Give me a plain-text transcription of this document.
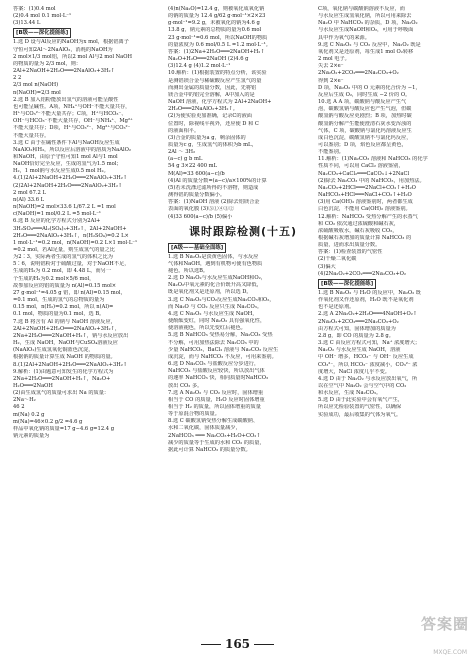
答案：(1)0.4 mol
(2)0.4 mol 0.1 mol·L⁻¹
(3)13.44 L
[B级——深化提能练]
1.选 D 设与Al反应的NaOH为x mol，根据铝离子
守恒可知2Al～2NaAlO₂，消耗的NaOH为
2 mol×1/3 mol铝，所以2 mol Al与2 mol NaOH
的物质的量为 2/3 mol，则：
2Al+2NaOH+2H₂O═══2NaAlO₂+3H₂↑
2 2
2/3 mol n(NaOH)
n(NaOH)=2/3 mol
2.选 B 加入铝粉能放出氢气的溶液可能呈酸性
也可能呈碱性。A项，NH₄⁺与OH⁻不能大量共存，
H⁺与CO₃²⁻不能大量共存；C项，H⁺与HCO₃⁻、
OH⁻与HCO₃⁻不能大量共存，OH⁻与NH₄⁺、Mg²⁺
不能大量共存；D项，H⁺与CO₃²⁻、Mg²⁺与CO₃²⁻
不能大量共存。
3.选 C 由于在碱性条件下Al与NaOH反应生成
NaAlO₂和H₂，所以反应后溶液中的溶质为NaAlO₂
和NaOH，由原子守恒可知1 mol Al与1 mol
NaOH恰好完全反应，生成的氢气为1.5 mol；
H₂，1 mol钠与水反应生成0.5 mol H₂。
4.(1)2Al+2NaOH+2H₂O═══2NaAlO₂+3H₂↑
(2)2Al+2NaOH+2H₂O═══2NaAlO₂+3H₂↑
2 mol 67.2 L
n(Al) 33.6 L
n(NaOH)=2 mol×33.6 L/67.2 L =1 mol
c(NaOH)=1 mol/0.2 L =5 mol·L⁻¹
6.选 B 反应的化学方程式分别为2Al+
3H₂SO₄═══Al₂(SO₄)₃+3H₂↑，2Al+2NaOH+
2H₂O═══2NaAlO₂+3H₂↑，n(H₂SO₄)=0.2 L×
1 mol·L⁻¹=0.2 mol，n(NaOH)=0.2 L×1 mol·L⁻¹
=0.2 mol，若Al足量，则生成氢气的量之比
为2∶3，实际两者生成的氢气的体积之比为
5∶6，说明铝粉对于硫酸过量，对于NaOH不足，
生成的H₂为 0.2 mol，即 4.48 L，而另一
个生成的H₂为0.2 mol×5/6 mol，
故参加反应的铝的质量为 n(Al)=0.15 mol×
27 g·mol⁻¹=4.05 g 铝，即 n(Al)=0.15 mol，
=0.1 mol，生成的氢气的总物质的量为
0.15 mol，n(H₂)=0.2 mol，所以 n(Al)=
0.1 mol，物质的量为0.1 mol，选 B。
7.选 B 将含有 Al 的钠与 NaOH 溶液反应，
2Al+2NaOH+2H₂O═══2NaAlO₂+3H₂↑，
2Na+2H₂O═══2NaOH+H₂↑，钠与水反应放出
H₂，生成 NaOH，NaOH与CuSO₄溶液反应
(NaAlO₂)生成氢氧化铜蓝色沉淀，
根据钠的质量计算生成 NaOH 的物质的量。
8.(1)2Al+2NaOH+2H₂O═══2NaAlO₂+3H₂↑
9.解析：(1)由题意可知发生的化学方程式为
2Na+2H₂O═══2NaOH+H₂↑，Na₂O+
H₂O═══2NaOH
(2)由生成氢气的质量可求出 Na 的质量：
2Na～H₂
46 2
m(Na) 0.2 g
m(Na)=46×0.2 g/2 =4.6 g
样品中氧化钠的质量=17 g−4.6 g=12.4 g
钠元素的质量为
(4)n(Na₂O)=12.4 g，则被氧化成氧化钠
的钠的质量为 12.4 g/62 g·mol⁻¹×2×23
g·mol⁻¹=9.2 g，未被氧化的钠为4.6 g
13.8 g，钠元素的总物质的量为0.6 mol
23 g·mol⁻¹=0.6 mol，所以NaOH的物质
的量浓度为 0.6 mol/0.5 L =1.2 mol·L⁻¹。
答案：(1)2Na+2H₂O═══2NaOH+H₂↑
Na₂O+H₂O═══2NaOH (2)4.6 g
(3)12.4 g (4)1.2 mol·L⁻¹
10.解析：(1)根据装置的特点分析，该实验
是测铝镁合金与稀硫酸反应产生氢气的量
而测出金属的质量分数，因此，先将铝
镁合金中的铝完全溶解，A中加入的是
NaOH 溶液，化学方程式为 2Al+2NaOH+
2H₂O═══2NaAlO₂+3H₂↑。
(2)为使实验更加准确，记录C的液面
位置时，除视线平视外，还应使 D 和 C
的液面相平。
(3)合金的质量为a g，剩余固体的
质量为c g，生成氢气的体积为b mL，
2Al ～ 3H₂
(a−c) g b mL
54 g 3×22 400 mL
M(Al)=33 600(a−c)/b
(4)Al 的质量分数=(a−c)/a×100%的计算
(5)若未洗涤过滤所得的不溶物，则造成
测得铝的质量分数偏小。
答案：(1)NaOH 溶液 (2)除去铝镁合金
表面的氧化膜 (3)⑤①④③②
(4)33 600(a−c)/b (5)偏小
课时跟踪检测(十五)
[A级——基础全面练]
1.选 B Na₂O₂是淡黄色固体，与水反应
气体和NaOH，遇到有机物可使有色物质
褪色。所以选B。
2.选 D Na₂O₂与水反应生成NaOH和O₂，
Na₂O₂中氧元素的化合价既升高又降低，
既是氧化剂又是还原剂，所以选 D。
3.选 C Na₂O₂与CO₂反应生成Na₂CO₃和O₂，
而 Na₂O 与 CO₂ 反应只生成 Na₂CO₃。
4.选 C Na₂O₂ 与水反应生成 NaOH，
使酚酞变红，同时 Na₂O₂ 具有强氧化性，
使溶液褪色，所以先变红后褪色。
5.选 B NaHCO₃ 受热易分解，Na₂CO₃ 受热
不分解，可用加热法除去 Na₂CO₃ 中的
少量 NaHCO₃，BaCl₂ 溶液与 Na₂CO₃ 反应生
成沉淀，而与 NaHCO₃ 不反应，可用来鉴别。
6.选 D Na₂CO₃ 与盐酸反应分步进行，
NaHCO₃ 与盐酸反应较快，所以放出气体
的速率 NaHCO₃ 快，相同质量时NaHCO₃
放出 CO₂ 多。
7.选 A Na₂O₂ 与 CO₂ 反应时，固体增重
相当于 CO 的质量，H₂O 反应时固体增重
相当于 H₂ 的质量，所以固体增重的质量
等于原混合物的质量。
8.选 C 碳酸氢钠受热分解生成碳酸钠、
水和二氧化碳，固体质量减少，
2NaHCO₃ ═══ Na₂CO₃+H₂O+CO₂↑
减少的质量等于生成的水和 CO₂ 的质量，
据此可计算 NaHCO₃ 的质量分数。
C项，氧化钠与碳酸钠溶液不反应，而
与水反应生成氢氧化钠，所以可用来除去
Na₂O 中 NaHCO₃ 的杂质，D 项，Na₂O₂
与水反应生成NaOH和O₂，可用于呼吸面
具中作为氧气的来源。
9.选 C Na₂O₂ 与 CO₂ 反应中，Na₂O₂ 既是
氧化剂又是还原剂，每生成1 mol O₂转移
2 mol 电子。
失去 2×e⁻
2Na₂O₂+2CO₂═══2Na₂CO₃+O₂
得到 2×e⁻
D 项，Na₂O₂ 中的 O 元素的化合价为 −1，
反应后生成 O₂，同时生成 −2 价的 O。
10.选 A A 项，碳酸钠与酸反应产生气
泡，碳酸氢钠与酸反应也产生气泡，但碳
酸氢钠与酸反应更剧烈；B 项，加热时碳
酸氢钠分解产生能使澄清石灰水变浑浊的
气体，C 项，碳酸钠与氯化钙溶液反应生
成白色沉淀，碳酸氢钠不与氯化钙反应，
可以鉴别；D 项，焰色反应都呈黄色，
不能鉴别。
11.解析：(1)Na₂CO₃ 溶液和 NaHCO₃ 的化学
性质不同，可以用 CaCl₂ 溶液鉴别，
Na₂CO₃+CaCl₂═══CaCO₃↓+2NaCl
(2)除去 Na₂CO₃ 中的 NaHCO₃，用加热法。
Na₂CO₃+2HCl═══2NaCl+CO₂↑+H₂O
NaHCO₃+HCl═══NaCl+CO₂↑+H₂O
(3)用 Ca(OH)₂ 溶液鉴别时，两者都生成
白色沉淀，不能用 Ca(OH)₂ 溶液鉴别。
12.解析：NaHCO₃ 受热分解产生的水蒸气
和 CO₂ 依次通过浓硫酸和碱石灰，
浓硫酸吸收水，碱石灰吸收 CO₂，
根据碱石灰增加的质量计算 NaHCO₃ 的
质量，进而求出质量分数。
答案：(1)检查装置的气密性
(2)干燥二氧化碳
(3)偏大
(4)2Na₂O₂+2CO₂═══2Na₂CO₃+O₂
[B级——深化提能练]
1.选 B Na₂O₂ 与 H₂O 的反应中，Na₂O₂ 既
作氧化剂又作还原剂，H₂O 既不是氧化剂
也不是还原剂。
2.选 A 2Na₂O₂+2H₂O═══4NaOH+O₂↑
2Na₂O₂+2CO₂═══2Na₂CO₃+O₂
由方程式可知，固体增加的质量为
2.8 g，即 CO 的质量为 2.8 g。
3.选 C 由反应方程式可知，Na⁺ 浓度增大；
Na₂O₂ 与水反应生成 NaOH，溶液
中 OH⁻ 增多，HCO₃⁻ 与 OH⁻ 反应生成
CO₃²⁻，所以 HCO₃⁻ 浓度减小，CO₃²⁻ 浓
度增大，NaCl 浓度几乎不变。
4.选 D 由于 Na₂O₂ 与水反应放出氧气，所
以在空气中 Na₂O₂ 会与空气中的 CO₂
和水反应，生成 Na₂CO₃。
5.选 D 由于此实验中会有氧气产生，
所以应先检验装置的气密性，以确保
实验成功，最后收集的气体为氧气。
165
答案圈
MXQE.COM
